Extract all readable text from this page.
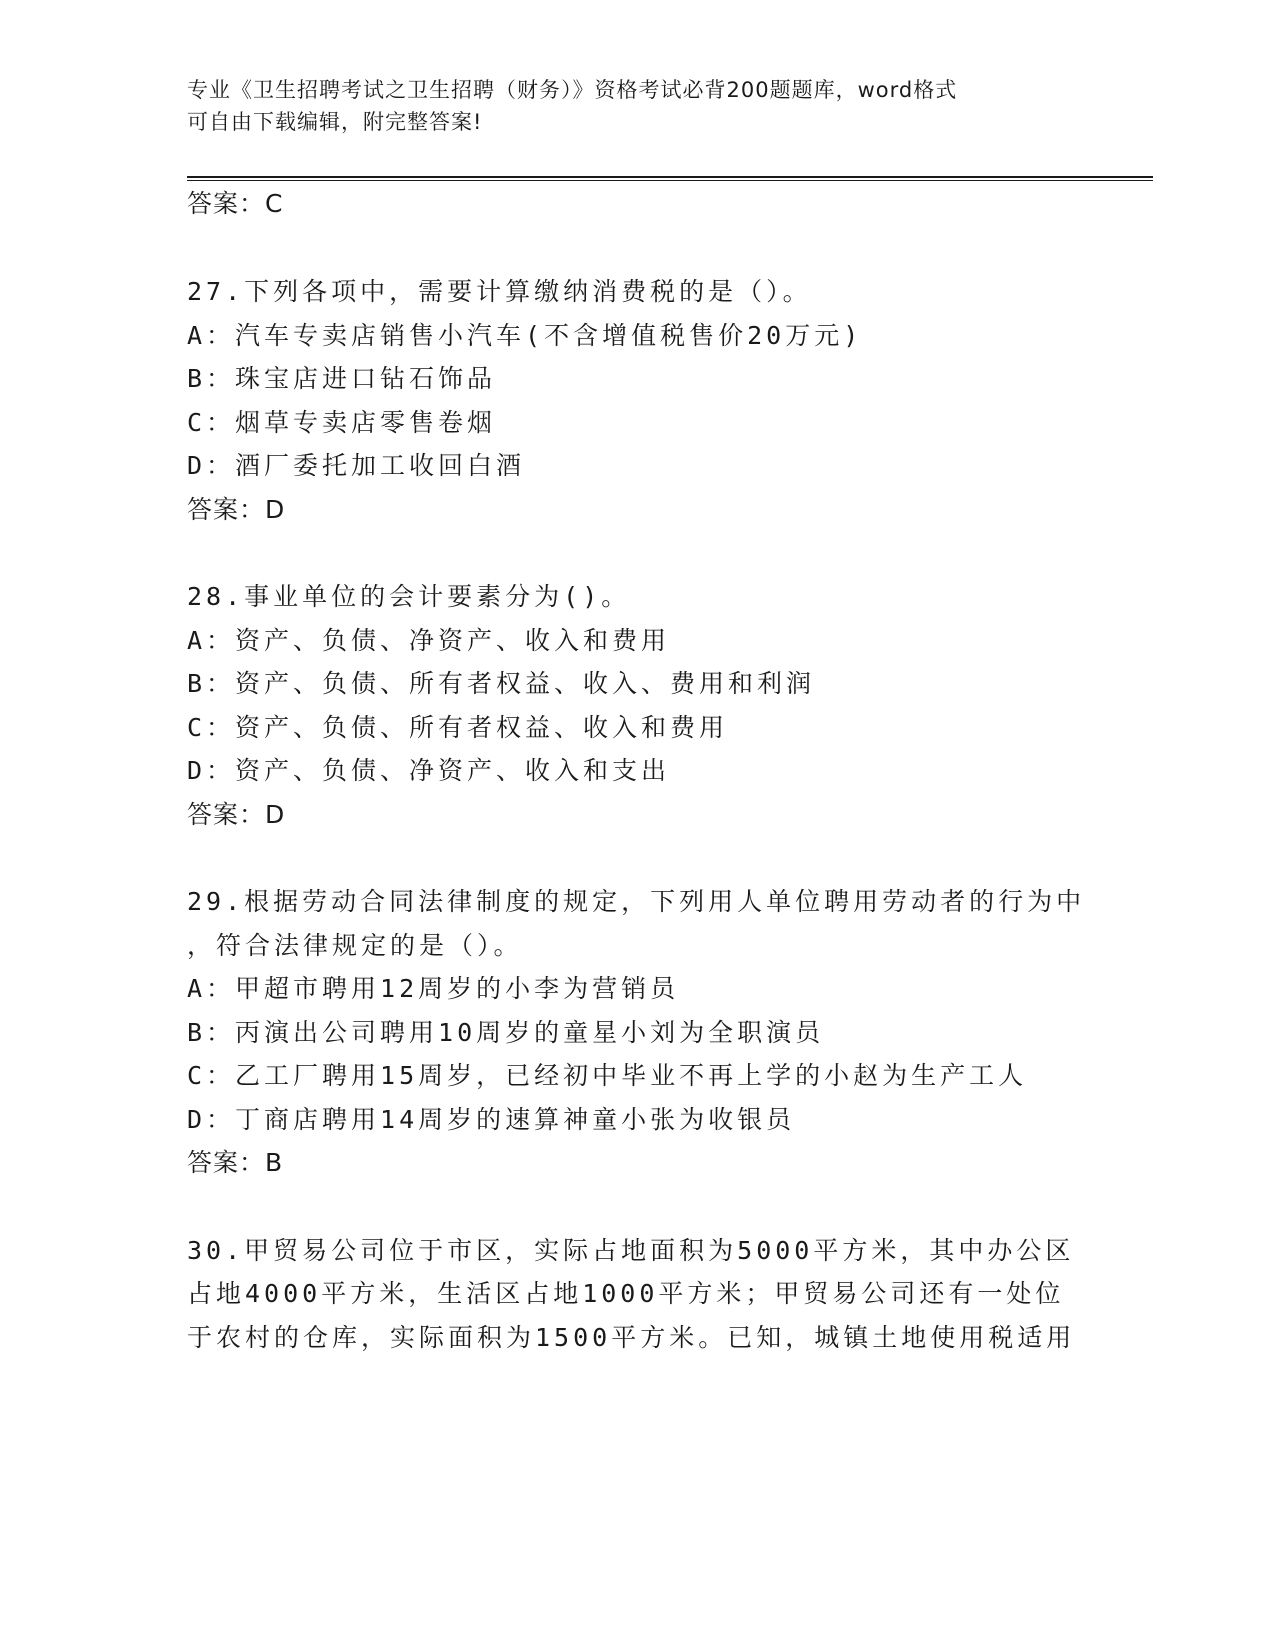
专业《卫生招聘考试之卫生招聘（财务）》资格考试必背200题题库，word格式
可自由下载编辑，附完整答案!
答案：C
27.下列各项中，需要计算缴纳消费税的是（）。
A：汽车专卖店销售小汽车(不含增值税售价20万元)
B：珠宝店进口钻石饰品
C：烟草专卖店零售卷烟
D：酒厂委托加工收回白酒
答案：D
28.事业单位的会计要素分为()。
A：资产、负债、净资产、收入和费用
B：资产、负债、所有者权益、收入、费用和利润
C：资产、负债、所有者权益、收入和费用
D：资产、负债、净资产、收入和支出
答案：D
29.根据劳动合同法律制度的规定，下列用人单位聘用劳动者的行为中
，符合法律规定的是（）。
A：甲超市聘用12周岁的小李为营销员
B：丙演出公司聘用10周岁的童星小刘为全职演员
C：乙工厂聘用15周岁，已经初中毕业不再上学的小赵为生产工人
D：丁商店聘用14周岁的速算神童小张为收银员
答案：B
30.甲贸易公司位于市区，实际占地面积为5000平方米，其中办公区
占地4000平方米，生活区占地1000平方米；甲贸易公司还有一处位
于农村的仓库，实际面积为1500平方米。已知，城镇土地使用税适用
